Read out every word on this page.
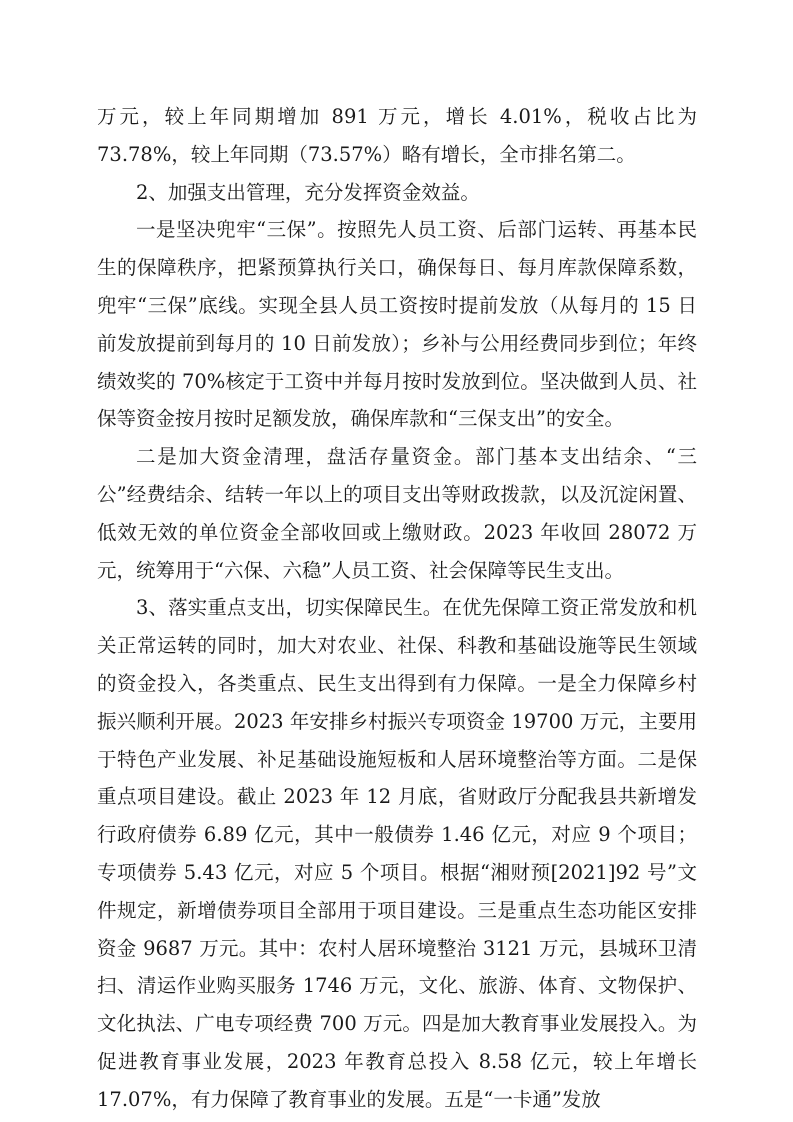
万元，较上年同期增加 891 万元，增长 4.01%，税收占比为 73.78%，较上年同期（73.57%）略有增长，全市排名第二。

2、加强支出管理，充分发挥资金效益。

一是坚决兜牢“三保”。按照先人员工资、后部门运转、再基本民生的保障秩序，把紧预算执行关口，确保每日、每月库款保障系数，兜牢“三保”底线。实现全县人员工资按时提前发放（从每月的 15 日前发放提前到每月的 10 日前发放）；乡补与公用经费同步到位；年终绩效奖的 70%核定于工资中并每月按时发放到位。坚决做到人员、社保等资金按月按时足额发放，确保库款和“三保支出”的安全。

二是加大资金清理，盘活存量资金。部门基本支出结余、“三公”经费结余、结转一年以上的项目支出等财政拨款，以及沉淀闲置、低效无效的单位资金全部收回或上缴财政。2023 年收回 28072 万元，统筹用于“六保、六稳”人员工资、社会保障等民生支出。

3、落实重点支出，切实保障民生。在优先保障工资正常发放和机关正常运转的同时，加大对农业、社保、科教和基础设施等民生领域的资金投入，各类重点、民生支出得到有力保障。一是全力保障乡村振兴顺利开展。2023 年安排乡村振兴专项资金 19700 万元，主要用于特色产业发展、补足基础设施短板和人居环境整治等方面。二是保重点项目建设。截止 2023 年 12 月底，省财政厅分配我县共新增发行政府债券 6.89 亿元，其中一般债券 1.46 亿元，对应 9 个项目；专项债券 5.43 亿元，对应 5 个项目。根据“湘财预[2021]92 号”文件规定，新增债券项目全部用于项目建设。三是重点生态功能区安排资金 9687 万元。其中：农村人居环境整治 3121 万元，县城环卫清扫、清运作业购买服务 1746 万元，文化、旅游、体育、文物保护、文化执法、广电专项经费 700 万元。四是加大教育事业发展投入。为促进教育事业发展，2023 年教育总投入 8.58 亿元，较上年增长 17.07%，有力保障了教育事业的发展。五是“一卡通”发放
